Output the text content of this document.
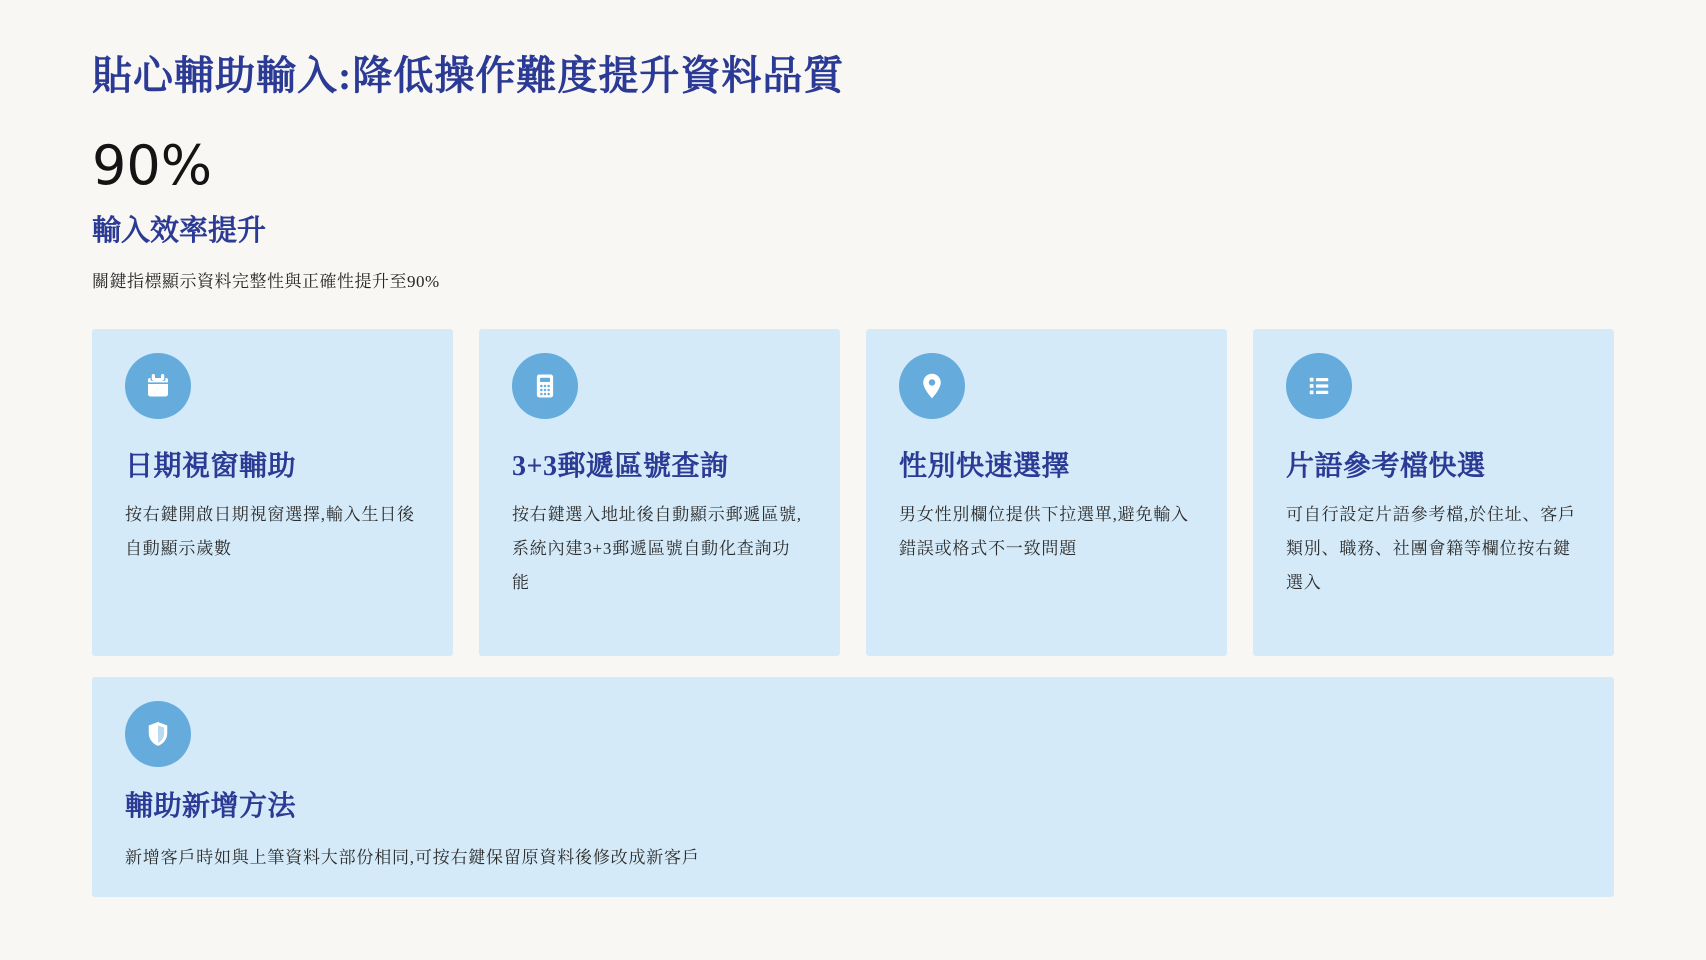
貼心輔助輸入:降低操作難度提升資料品質
90%
輸入效率提升
關鍵指標顯示資料完整性與正確性提升至90%
日期視窗輔助

按右鍵開啟日期視窗選擇,輸入生日後自動顯示歲數

3+3郵遞區號查詢

按右鍵選入地址後自動顯示郵遞區號,系統內建3+3郵遞區號自動化查詢功能

性別快速選擇

男女性別欄位提供下拉選單,避免輸入錯誤或格式不一致問題

片語參考檔快選

可自行設定片語參考檔,於住址、客戶類別、職務、社團會籍等欄位按右鍵選入

輔助新增方法

新增客戶時如與上筆資料大部份相同,可按右鍵保留原資料後修改成新客戶
